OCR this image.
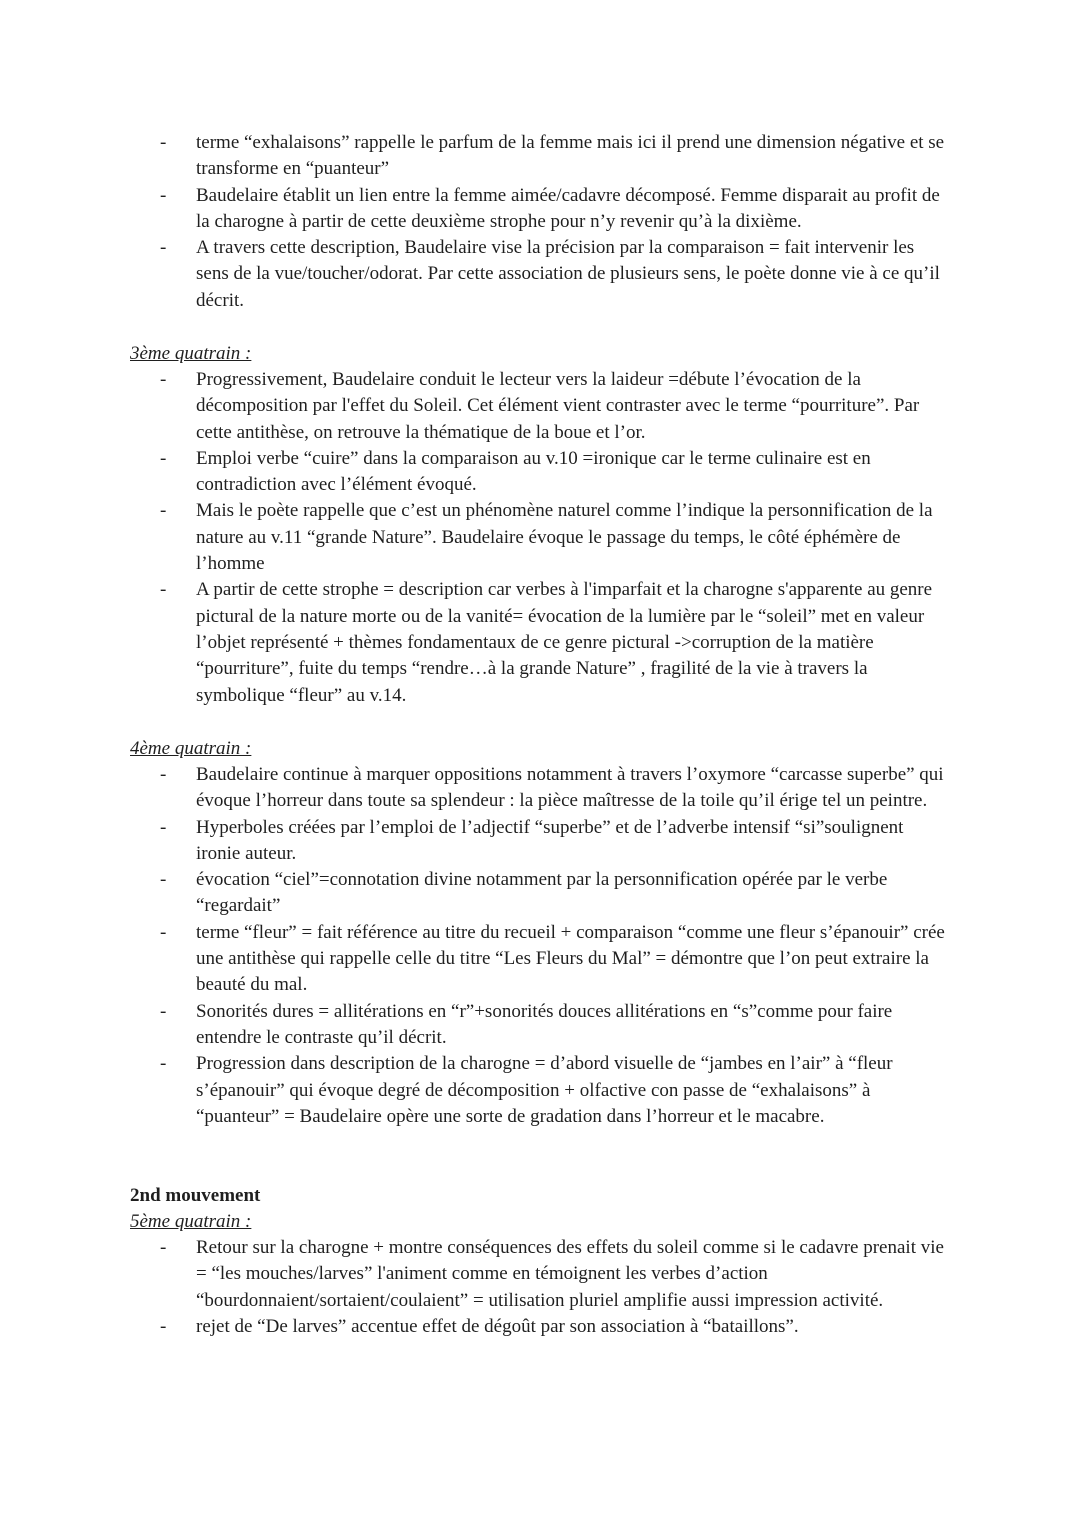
- terme “exhalaisons” rappelle le parfum de la femme mais ici il prend une dimension négative et se transforme en “puanteur”
- Baudelaire établit un lien entre la femme aimée/cadavre décomposé. Femme disparait au profit de la charogne à partir de cette deuxième strophe pour n’y revenir qu’à la dixième.
- A travers cette description, Baudelaire vise la précision par la comparaison = fait intervenir les sens de la vue/toucher/odorat. Par cette association de plusieurs sens, le poète donne vie à ce qu’il décrit.
3ème quatrain :
- Progressivement, Baudelaire conduit le lecteur vers la laideur =débute l’évocation de la décomposition par l'effet du Soleil. Cet élément vient contraster avec le terme “pourriture”. Par cette antithèse, on retrouve la thématique de la boue et l’or.
- Emploi verbe “cuire” dans la comparaison au v.10 =ironique car le terme culinaire est en contradiction avec l’élément évoqué.
- Mais le poète rappelle que c’est un phénomène naturel comme l’indique la personnification de la nature au v.11 “grande Nature”. Baudelaire évoque le passage du temps, le côté éphémère de l’homme
- A partir de cette strophe = description car verbes à l'imparfait et la charogne s'apparente au genre pictural de la nature morte ou de la vanité= évocation de la lumière par le “soleil” met en valeur l’objet représenté + thèmes fondamentaux de ce genre pictural ->corruption de la matière “pourriture”, fuite du temps “rendre…à la grande Nature” , fragilité de la vie à travers la symbolique “fleur” au v.14.
4ème quatrain :
- Baudelaire continue à marquer oppositions notamment à travers l’oxymore “carcasse superbe” qui évoque l’horreur dans toute sa splendeur : la pièce maîtresse de la toile qu’il érige tel un peintre.
- Hyperboles créées par l’emploi de l’adjectif “superbe” et de l’adverbe intensif “si”soulignent ironie auteur.
- évocation “ciel”=connotation divine notamment par la personnification opérée par le verbe “regardait”
- terme “fleur” = fait référence au titre du recueil + comparaison “comme une fleur s’épanouir” crée une antithèse qui rappelle celle du titre “Les Fleurs du Mal” = démontre que l’on peut extraire la beauté du mal.
- Sonorités dures = allitérations en “r”+sonorités douces allitérations en “s”comme pour faire entendre le contraste qu’il décrit.
- Progression dans description de la charogne = d’abord visuelle de “jambes en l’air” à “fleur s’épanouir” qui évoque degré de décomposition + olfactive con passe de “exhalaisons” à “puanteur” = Baudelaire opère une sorte de gradation dans l’horreur et le macabre.
2nd mouvement
5ème quatrain :
- Retour sur la charogne + montre conséquences des effets du soleil comme si le cadavre prenait vie = “les mouches/larves” l'animent comme en témoignent les verbes d’action “bourdonnaient/sortaient/coulaient” = utilisation pluriel amplifie aussi impression activité.
- rejet de “De larves” accentue effet de dégoût par son association à “bataillons”.
